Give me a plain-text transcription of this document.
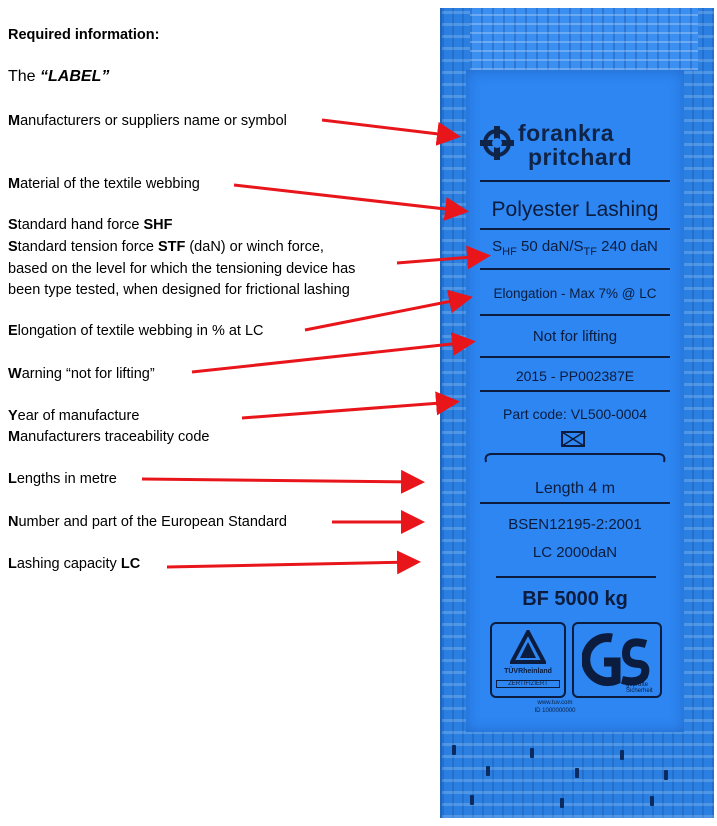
forankra
pritchard
Polyester Lashing
$S_{HF}$ 50 daN/$S_{TF}$ 240 daN
Elongation - Max 7% @ LC
Not for lifting
2015 - PP002387E
Part code: VL500-0004
Length 4 m
BSEN12195-2:2001
LC 2000daN
BF 5000 kg
TÜVRheinland
ZERTIFIZIERT	geprüfte Sicherheit
www.tuv.com
ID 1000000000
Required information:
The “LABEL”
Manufacturers or suppliers name or symbol
Material of the textile webbing
Standard hand force SHF
Standard tension force STF (daN) or winch force,
based on the level for which the tensioning device has
been type tested, when designed for frictional lashing
Elongation of textile webbing in % at LC
Warning “not for lifting”
Year of manufacture
Manufacturers traceability code
Lengths in metre
Number and part of the European Standard
Lashing capacity LC
